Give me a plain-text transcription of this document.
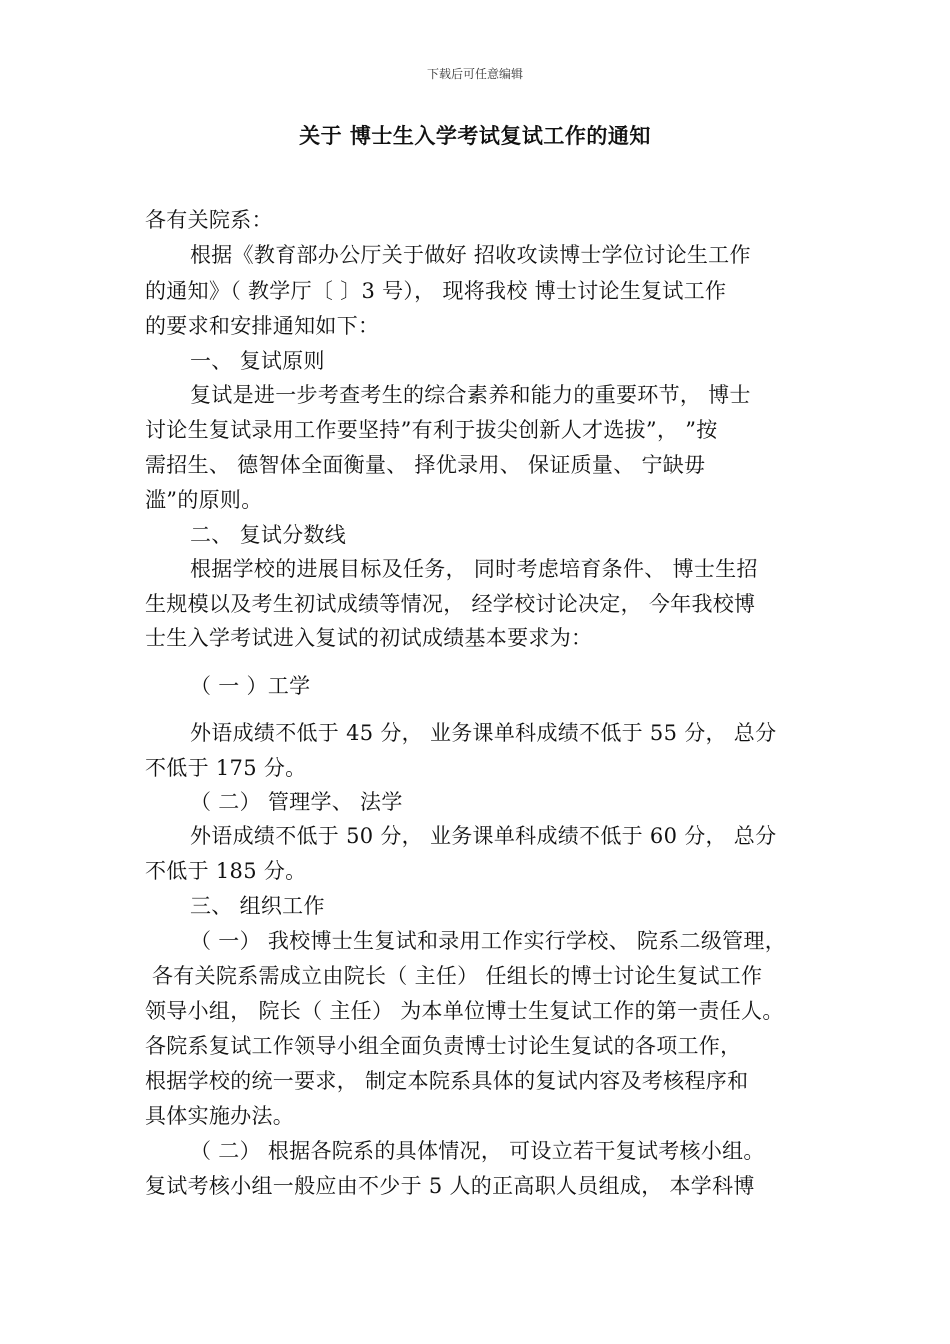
下载后可任意编辑
关于 博士生入学考试复试工作的通知
各有关院系：
根据《教育部办公厅关于做好 招收攻读博士学位讨论生工作
的通知》（ 教学厅〔 〕3 号）， 现将我校 博士讨论生复试工作
的要求和安排通知如下：
一、 复试原则
复试是进一步考查考生的综合素养和能力的重要环节， 博士
讨论生复试录用工作要坚持”有利于拔尖创新人才选拔”， ”按
需招生、 德智体全面衡量、 择优录用、 保证质量、 宁缺毋
滥”的原则。
二、 复试分数线
根据学校的进展目标及任务， 同时考虑培育条件、 博士生招
生规模以及考生初试成绩等情况， 经学校讨论决定， 今年我校博
士生入学考试进入复试的初试成绩基本要求为：
（ 一 ）工学
外语成绩不低于 45 分， 业务课单科成绩不低于 55 分， 总分
不低于 175 分。
（ 二） 管理学、 法学
外语成绩不低于 50 分， 业务课单科成绩不低于 60 分， 总分
不低于 185 分。
三、 组织工作
（ 一） 我校博士生复试和录用工作实行学校、 院系二级管理，
各有关院系需成立由院长（ 主任） 任组长的博士讨论生复试工作
领导小组， 院长（ 主任） 为本单位博士生复试工作的第一责任人。
各院系复试工作领导小组全面负责博士讨论生复试的各项工作，
根据学校的统一要求， 制定本院系具体的复试内容及考核程序和
具体实施办法。
（ 二） 根据各院系的具体情况， 可设立若干复试考核小组。
复试考核小组一般应由不少于 5 人的正高职人员组成， 本学科博
